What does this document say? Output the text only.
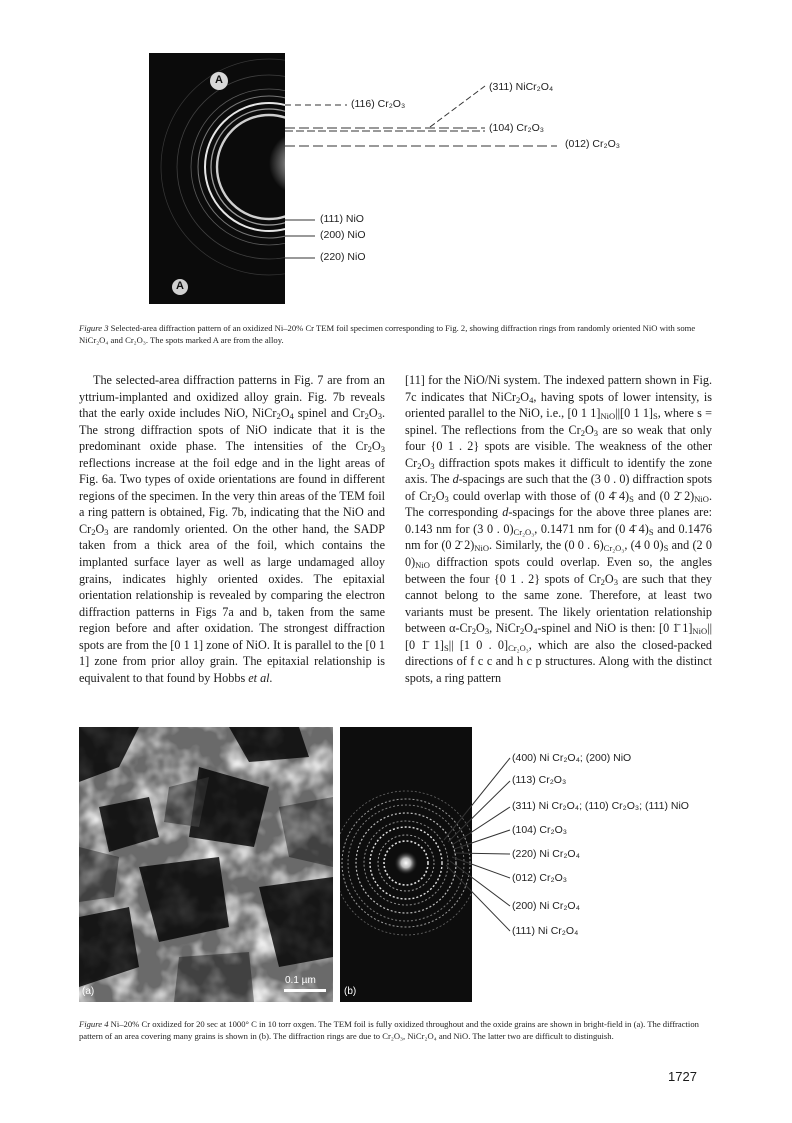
A
A
(116) Cr₂O₃
(311) NiCr₂O₄
(104) Cr₂O₃
(012) Cr₂O₃
(111) NiO
(200) NiO
(220) NiO
Figure 3 Selected-area diffraction pattern of an oxidized Ni–20% Cr TEM foil specimen corresponding to Fig. 2, showing diffraction rings from randomly oriented NiO with some NiCr₂O₄ and Cr₂O₃. The spots marked A are from the alloy.

The selected-area diffraction patterns in Fig. 7 are from an yttrium-implanted and oxidized alloy grain. Fig. 7b reveals that the early oxide includes NiO, $NiCr_2O_4$ spinel and $Cr_2O_3$. The strong diffraction spots of NiO indicate that it is the predominant oxide phase. The intensities of the $Cr_2O_3$ reflections increase at the foil edge and in the light areas of Fig. 6a. Two types of oxide orientations are found in different regions of the specimen. In the very thin areas of the TEM foil a ring pattern is obtained, Fig. 7b, indicating that the NiO and $Cr_2O_3$ are randomly oriented. On the other hand, the SADP taken from a thick area of the foil, which contains the implanted surface layer as well as large undamaged alloy grains, indicates highly oriented oxides. The epitaxial orientation relationship is revealed by comparing the electron diffraction patterns in Figs 7a and b, taken from the same region before and after oxidation. The strongest diffraction spots are from the [0 1 1] zone of NiO. It is parallel to the [0 1 1] zone from prior alloy grain. The epitaxial relationship is equivalent to that found by Hobbs et al.

[11] for the NiO/Ni system. The indexed pattern shown in Fig. 7c indicates that $NiCr_2O_4$, having spots of lower intensity, is oriented parallel to the NiO, i.e., [0 1 $1]_{NiO}||[0$ 1 $1]_S$, where s = spinel. The reflections from the $Cr_2O_3$ are so weak that only four {0 1 . 2} spots are visible. The weakness of the other $Cr_2O_3$ diffraction spots makes it difficult to identify the zone axis. The d-spacings are such that the (3 0 . 0) diffraction spots of $Cr_2O_3$ could overlap with those of (0 4̄ $4)_S$ and (0 2̄ $2)_{NiO}$. The corresponding d-spacings for the above three planes are: 0.143 nm for (3 0 . $0)_{Cr_2O_3}$, 0.1471 nm for (0 4̄ $4)_S$ and 0.1476 nm for (0 2̄ $2)_{NiO}$. Similarly, the (0 0 . $6)_{Cr_2O_3}$, (4 0 $0)_S$ and (2 0 $0)_{NiO}$ diffraction spots could overlap. Even so, the angles between the four {0 1 . 2} spots of $Cr_2O_3$ are such that they cannot belong to the same zone. Therefore, at least two variants must be present. The likely orientation relationship between $\alpha-Cr_2O_3$, $NiCr_2O_4$-spinel and NiO is then: [0 1̄ $1]_{NiO}||[0$ 1̄ $1]_S||$ [1 0 . $0]_{Cr_2O_3}$, which are also the closed-packed directions of f c c and h c p structures. Along with the distinct spots, a ring pattern

(a)
0.1 µm
(b)
(400) Ni Cr₂O₄; (200) NiO
(113) Cr₂O₃
(311) Ni Cr₂O₄; (110) Cr₂O₃; (111) NiO
(104) Cr₂O₃
(220) Ni Cr₂O₄
(012) Cr₂O₃
(200) Ni Cr₂O₄
(111) Ni Cr₂O₄
Figure 4 Ni–20% Cr oxidized for 20 sec at 1000° C in 10 torr oxgen. The TEM foil is fully oxidized throughout and the oxide grains are shown in bright-field in (a). The diffraction pattern of an area covering many grains is shown in (b). The diffraction rings are due to Cr₂O₃, NiCr₂O₄ and NiO. The latter two are difficult to distinguish.
1727
